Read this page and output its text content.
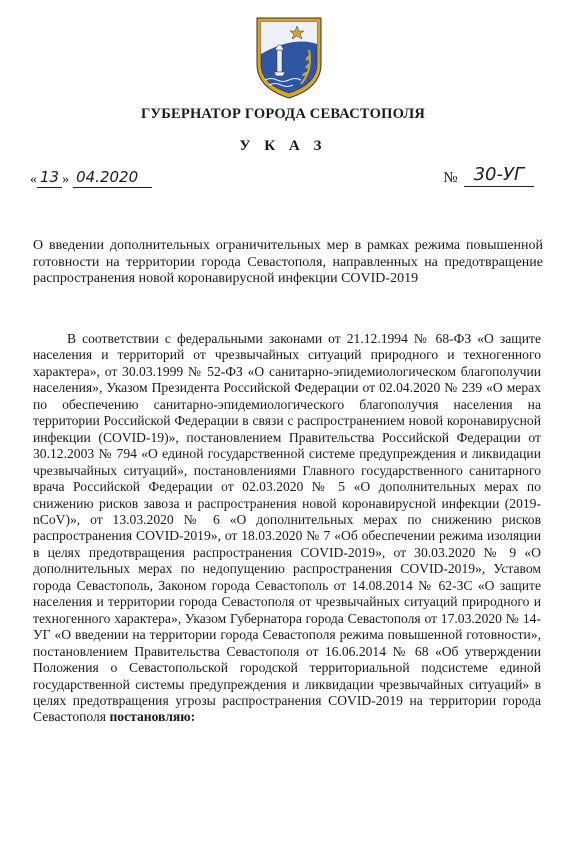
ГУБЕРНАТОР ГОРОДА СЕВАСТОПОЛЯ
У К А З
« 13 » 04.2020	№ 30-УГ
О введении дополнительных ограничительных мер в рамках режима повышенной готовности на территории города Севастополя, направленных на предотвращение распространения новой коронавирусной инфекции COVID-2019

В соответствии с федеральными законами от 21.12.1994 № 68-ФЗ «О защите населения и территорий от чрезвычайных ситуаций природного и техногенного характера», от 30.03.1999 № 52-ФЗ «О санитарно-эпидемиологическом благополучии населения», Указом Президента Российской Федерации от 02.04.2020 № 239 «О мерах по обеспечению санитарно-эпидемиологического благополучия населения на территории Российской Федерации в связи с распространением новой коронавирусной инфекции (COVID-19)», постановлением Правительства Российской Федерации от 30.12.2003 № 794 «О единой государственной системе предупреждения и ликвидации чрезвычайных ситуаций», постановлениями Главного государственного санитарного врача Российской Федерации от 02.03.2020 № 5 «О дополнительных мерах по снижению рисков завоза и распространения новой коронавирусной инфекции (2019-nCoV)», от 13.03.2020 № 6 «О дополнительных мерах по снижению рисков распространения COVID-2019», от 18.03.2020 № 7 «Об обеспечении режима изоляции в целях предотвращения распространения COVID-2019», от 30.03.2020 № 9 «О дополнительных мерах по недопущению распространения COVID-2019», Уставом города Севастополь, Законом города Севастополь от 14.08.2014 № 62-ЗС «О защите населения и территории города Севастополя от чрезвычайных ситуаций природного и техногенного характера», Указом Губернатора города Севастополя от 17.03.2020 № 14-УГ «О введении на территории города Севастополя режима повышенной готовности», постановлением Правительства Севастополя от 16.06.2014 № 68 «Об утверждении Положения о Севастопольской городской территориальной подсистеме единой государственной системы предупреждения и ликвидации чрезвычайных ситуаций» в целях предотвращения угрозы распространения COVID-2019 на территории города Севастополя постановляю:
